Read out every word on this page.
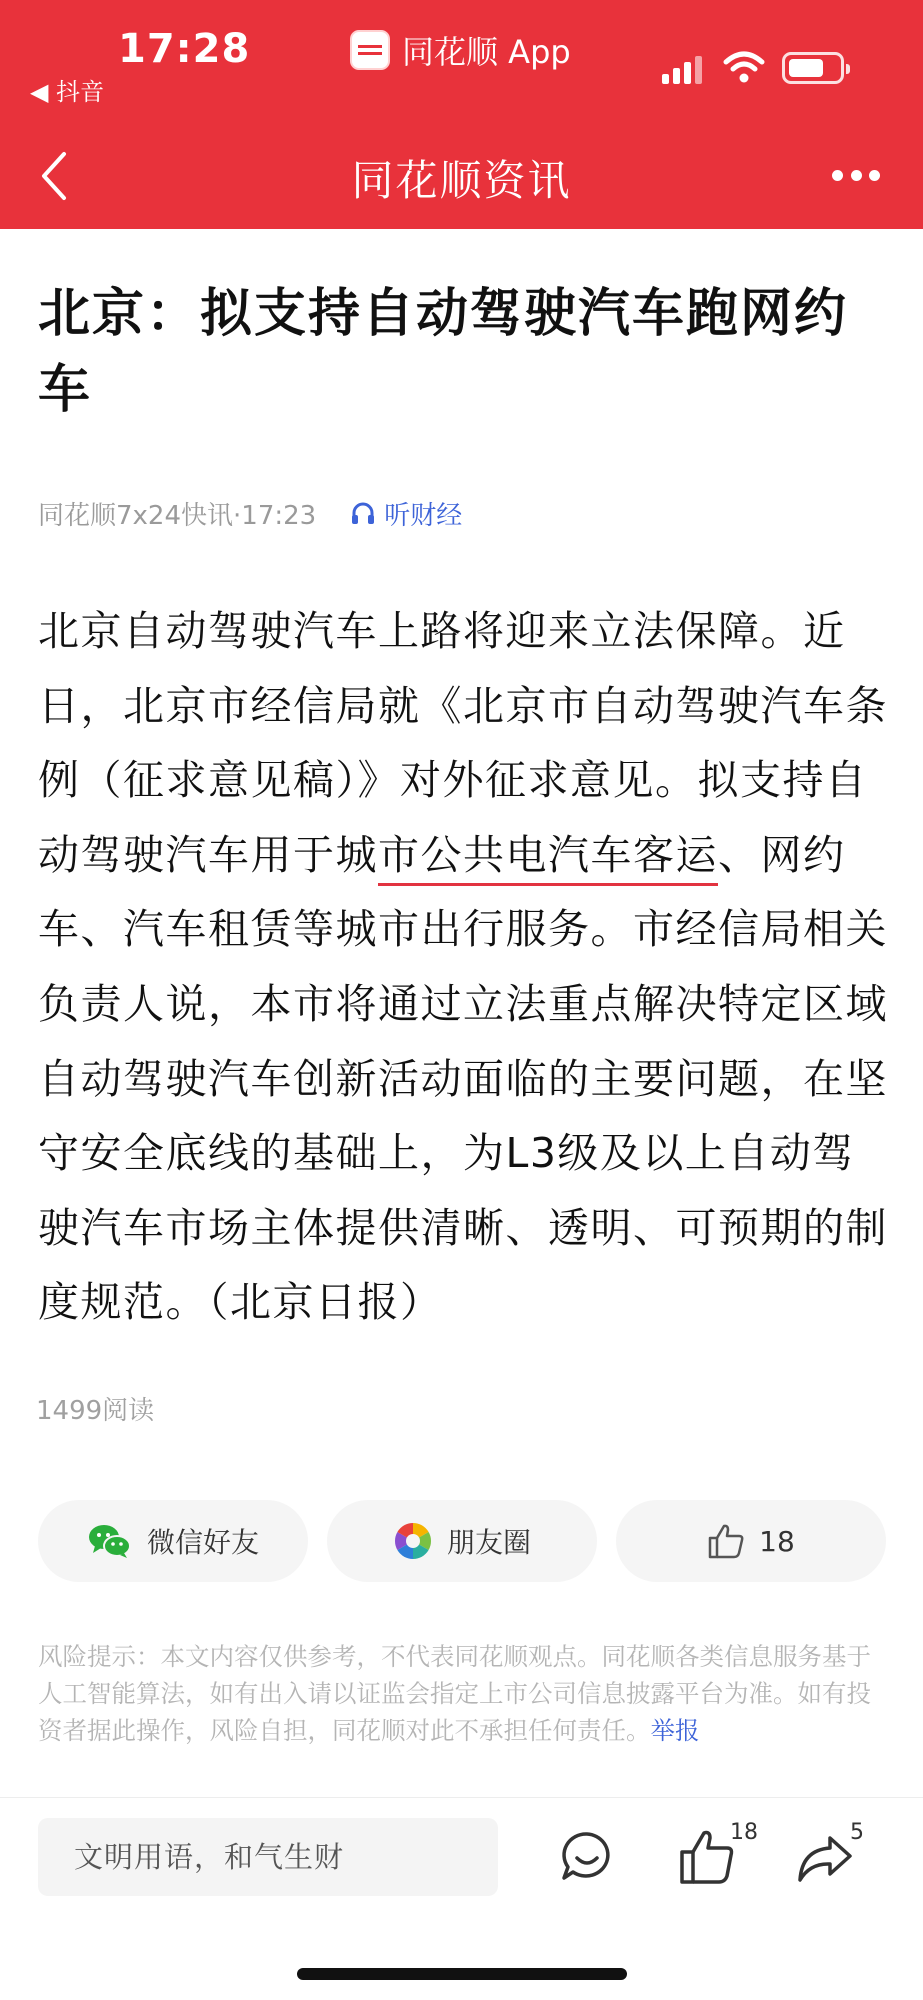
17:28
◀ 抖音
同花顺 App
同花顺资讯
北京：拟支持自动驾驶汽车跑网约车
同花顺7x24快讯·17:23	听财经
北京自动驾驶汽车上路将迎来立法保障。近日，北京市经信局就《北京市自动驾驶汽车条例（征求意见稿）》对外征求意见。拟支持自动驾驶汽车用于城市公共电汽车客运、网约车、汽车租赁等城市出行服务。市经信局相关负责人说，本市将通过立法重点解决特定区域自动驾驶汽车创新活动面临的主要问题，在坚守安全底线的基础上，为L3级及以上自动驾驶汽车市场主体提供清晰、透明、可预期的制度规范。（北京日报）
1499阅读
微信好友	朋友圈	18
风险提示：本文内容仅供参考，不代表同花顺观点。同花顺各类信息服务基于人工智能算法，如有出入请以证监会指定上市公司信息披露平台为准。如有投资者据此操作，风险自担，同花顺对此不承担任何责任。举报
文明用语，和气生财
18	5
